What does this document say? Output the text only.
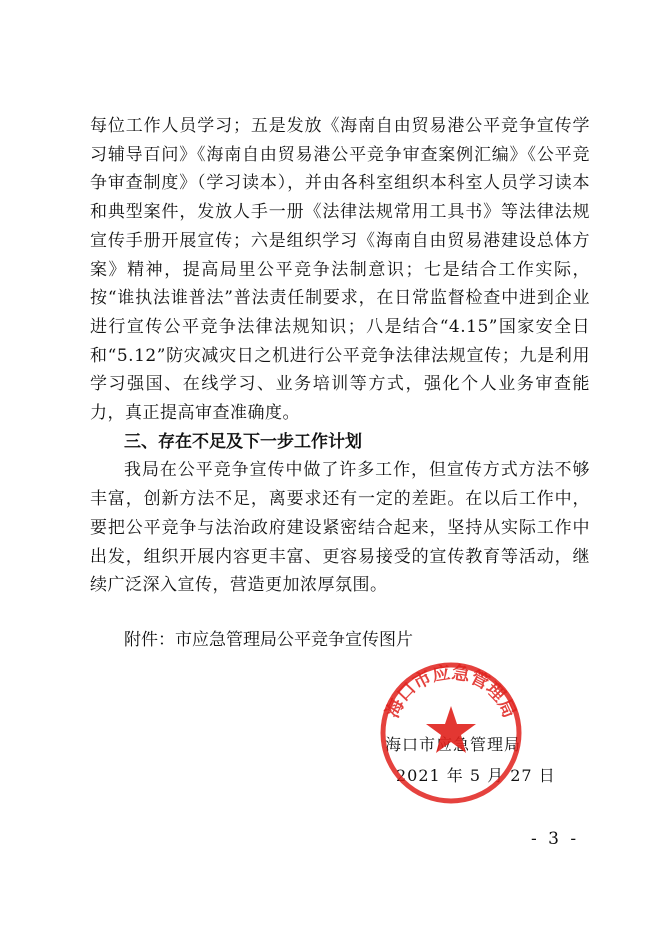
每位工作人员学习；五是发放《海南自由贸易港公平竞争宣传学习辅导百问》《海南自由贸易港公平竞争审查案例汇编》《公平竞争审查制度》（学习读本），并由各科室组织本科室人员学习读本和典型案件，发放人手一册《法律法规常用工具书》等法律法规宣传手册开展宣传；六是组织学习《海南自由贸易港建设总体方案》精神，提高局里公平竞争法制意识；七是结合工作实际，按“谁执法谁普法”普法责任制要求，在日常监督检查中进到企业进行宣传公平竞争法律法规知识；八是结合“4.15”国家安全日和“5.12”防灾减灾日之机进行公平竞争法律法规宣传；九是利用学习强国、在线学习、业务培训等方式，强化个人业务审查能力，真正提高审查准确度。

三、存在不足及下一步工作计划

我局在公平竞争宣传中做了许多工作，但宣传方式方法不够丰富，创新方法不足，离要求还有一定的差距。在以后工作中，要把公平竞争与法治政府建设紧密结合起来，坚持从实际工作中出发，组织开展内容更丰富、更容易接受的宣传教育等活动，继续广泛深入宣传，营造更加浓厚氛围。

附件：市应急管理局公平竞争宣传图片

海口市应急管理局
2021 年 5 月 27 日
海口市应急管理局
- 3 -
